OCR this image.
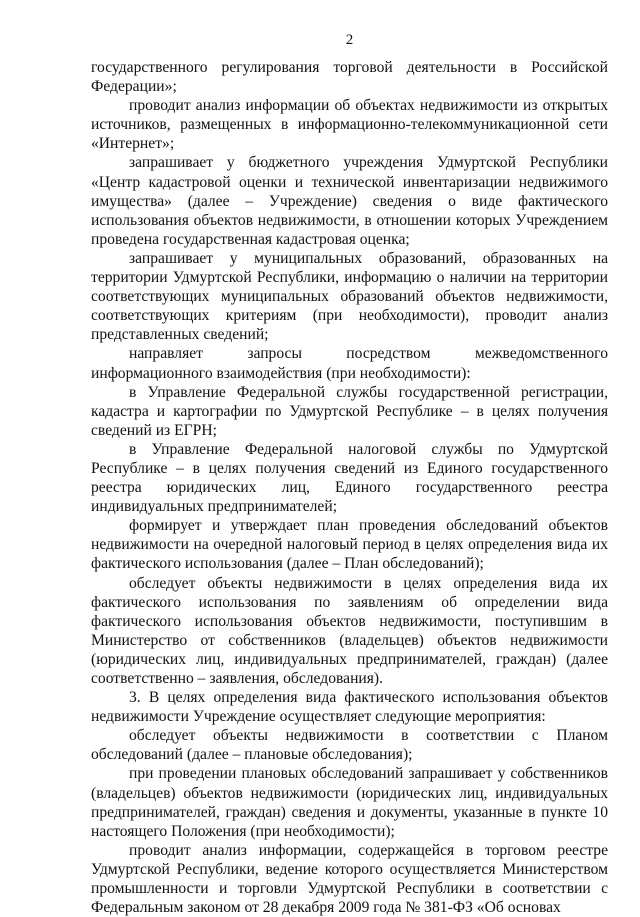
2

государственного регулирования торговой деятельности в Российской Федерации»;

проводит анализ информации об объектах недвижимости из открытых источников, размещенных в информационно-телекоммуникационной сети «Интернет»;

запрашивает у бюджетного учреждения Удмуртской Республики «Центр кадастровой оценки и технической инвентаризации недвижимого имущества» (далее – Учреждение) сведения о виде фактического использования объектов недвижимости, в отношении которых Учреждением проведена государственная кадастровая оценка;

запрашивает у муниципальных образований, образованных на территории Удмуртской Республики, информацию о наличии на территории соответствующих муниципальных образований объектов недвижимости, соответствующих критериям (при необходимости), проводит анализ представленных сведений;

направляет запросы посредством межведомственного информационного взаимодействия (при необходимости):

в Управление Федеральной службы государственной регистрации, кадастра и картографии по Удмуртской Республике – в целях получения сведений из ЕГРН;

в Управление Федеральной налоговой службы по Удмуртской Республике – в целях получения сведений из Единого государственного реестра юридических лиц, Единого государственного реестра индивидуальных предпринимателей;

формирует и утверждает план проведения обследований объектов недвижимости на очередной налоговый период в целях определения вида их фактического использования (далее – План обследований);

обследует объекты недвижимости в целях определения вида их фактического использования по заявлениям об определении вида фактического использования объектов недвижимости, поступившим в Министерство от собственников (владельцев) объектов недвижимости (юридических лиц, индивидуальных предпринимателей, граждан) (далее соответственно – заявления, обследования).

3. В целях определения вида фактического использования объектов недвижимости Учреждение осуществляет следующие мероприятия:

обследует объекты недвижимости в соответствии с Планом обследований (далее – плановые обследования);

при проведении плановых обследований запрашивает у собственников (владельцев) объектов недвижимости (юридических лиц, индивидуальных предпринимателей, граждан) сведения и документы, указанные в пункте 10 настоящего Положения (при необходимости);

проводит анализ информации, содержащейся в торговом реестре Удмуртской Республики, ведение которого осуществляется Министерством промышленности и торговли Удмуртской Республики в соответствии с Федеральным законом от 28 декабря 2009 года № 381-ФЗ «Об основах
